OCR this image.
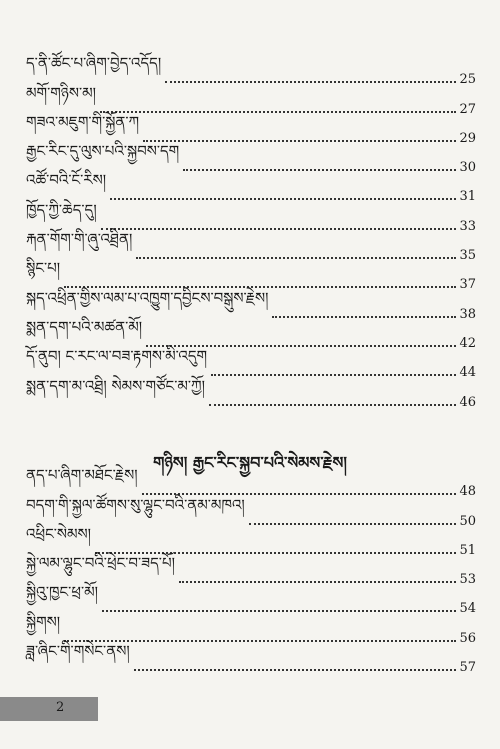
ད་ནི་ཚོང་པ་ཞིག་བྱེད་འདོད།
25
མགོ་གཉིས་མ།
27
གཟའ་མཇུག་གི་སྐྱོན་ཀ
29
རྒྱང་རིང་དུ་ལུས་པའི་སྐྱབས་དག
30
འཚོ་བའི་ངོ་རིས།
31
ཁྱོད་ཀྱི་ཆེད་དུ།
33
རྐན་གོག་གི་ཞུ་འཐྲིན།
35
སྙིང་པ།
37
སྐད་འཕྲིན་གྱིས་ལམ་པ་འཁྱུག་དབྱིངས་བསྒུས་རྗེས།
38
སྨན་དག་པའི་མཚན་མོ།
42
དོ་ནུབ། ང་རང་ལ་བཟ་རྟགས་མི་འདུག
44
སྨན་དག་མ་འཐྲི། སེམས་གཙོང་མ་ཀྱོ།
46
གཉིས། རྒྱང་རིང་སྐྱབ་པའི་སེམས་རྗེས།
ནད་པ་ཞིག་མཐོང་རྗེས།
48
བདག་གི་སྐྱལ་ཚོགས་སུ་ལྷུང་བའི་ནམ་མཁའ།
50
འཕྲིང་སེམས།
51
སྐྱེ་ལམ་ལྷུང་བའི་ཕྲེང་བ་ཟད་པོ།
53
སྐྱིའུ་ཁྱང་ཕྲ་མོ།
54
སྐྱིགས།
56
ཟླ་ཞིང་གི་གསེང་ནས།
57
2
